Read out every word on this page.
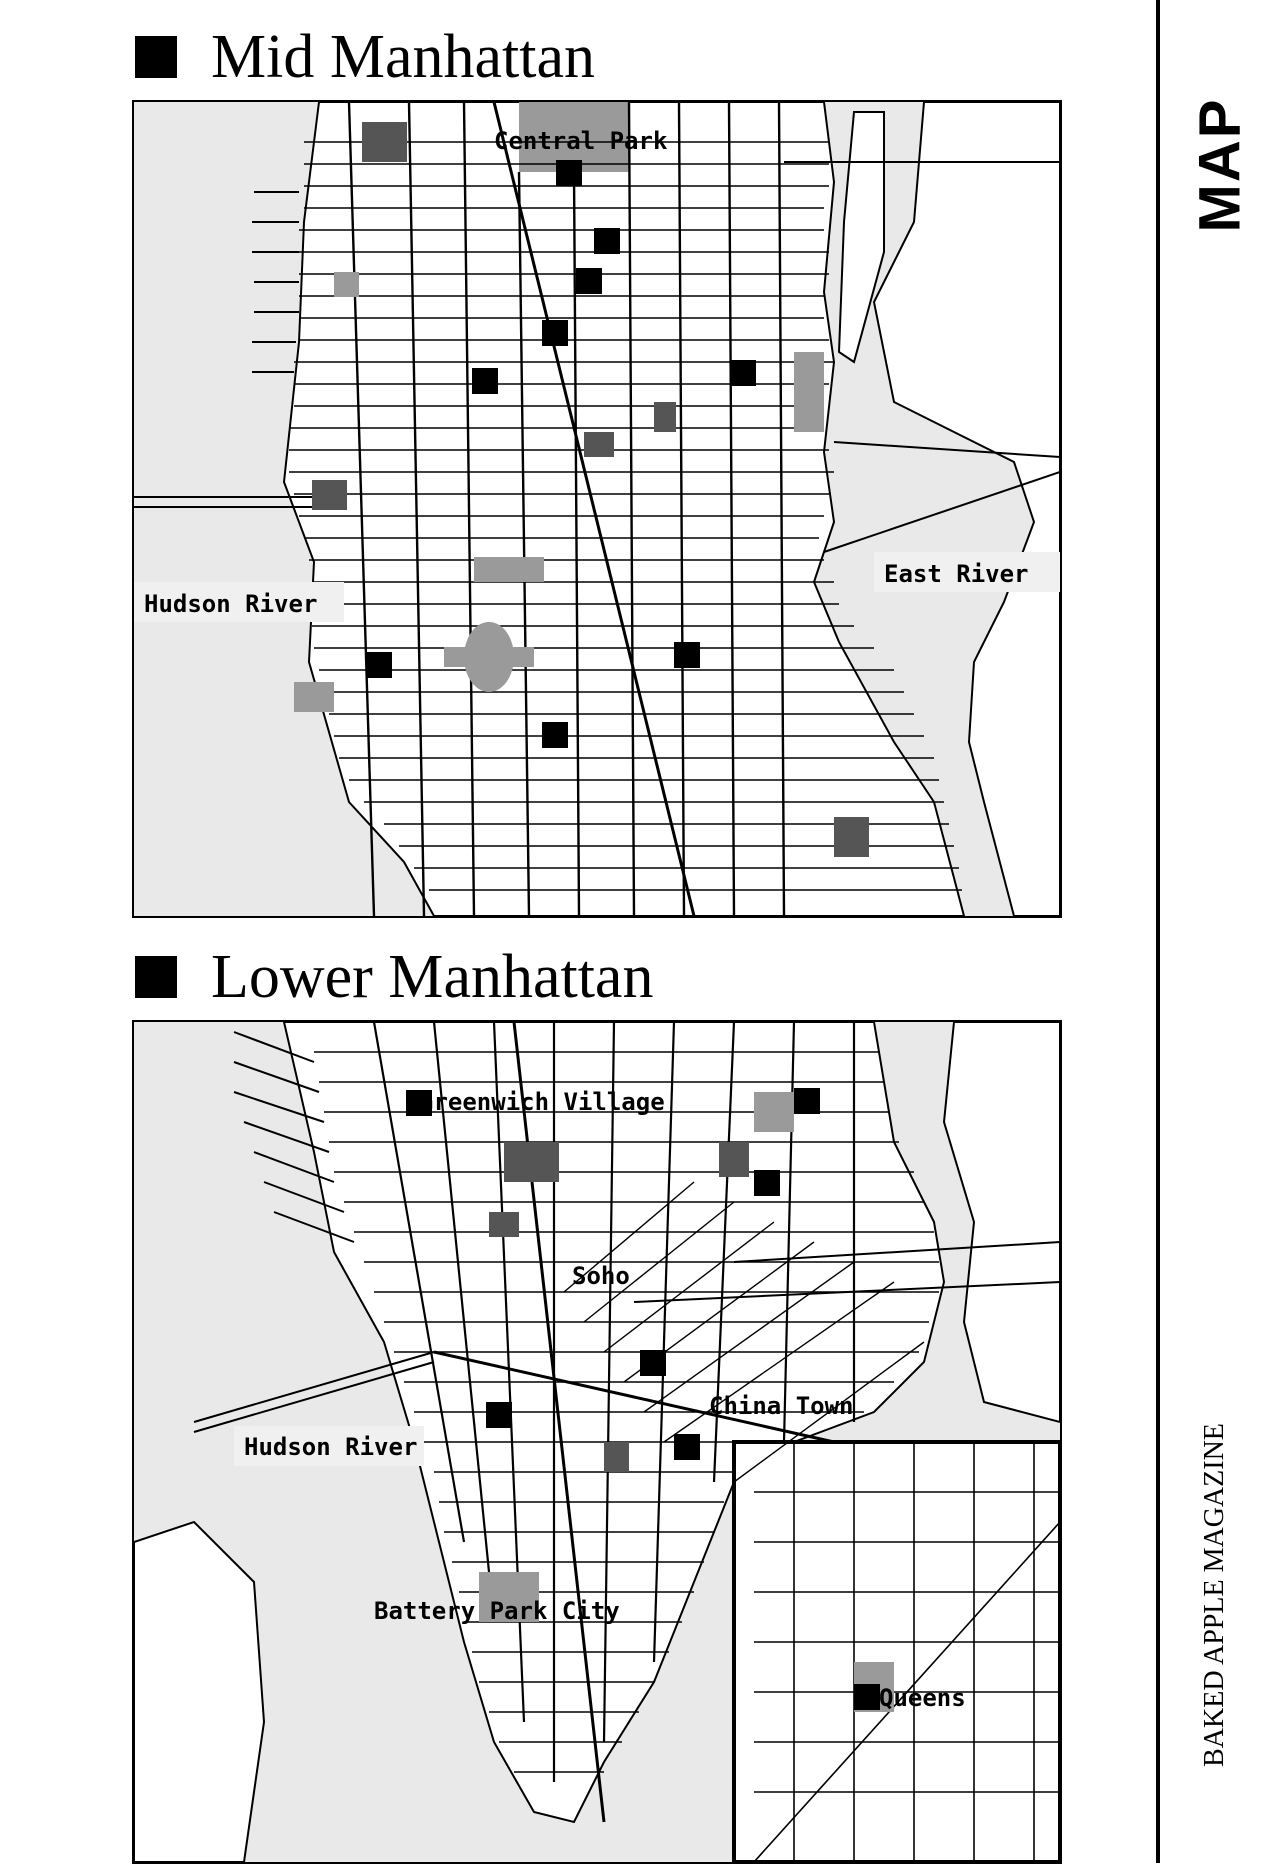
Mid Manhattan
Hudson River
East River
Central Park
Lower Manhattan
Greenwich Village
Soho
China Town
Hudson River
Battery Park City
Queens
MAP
BAKED APPLE MAGAZINE
